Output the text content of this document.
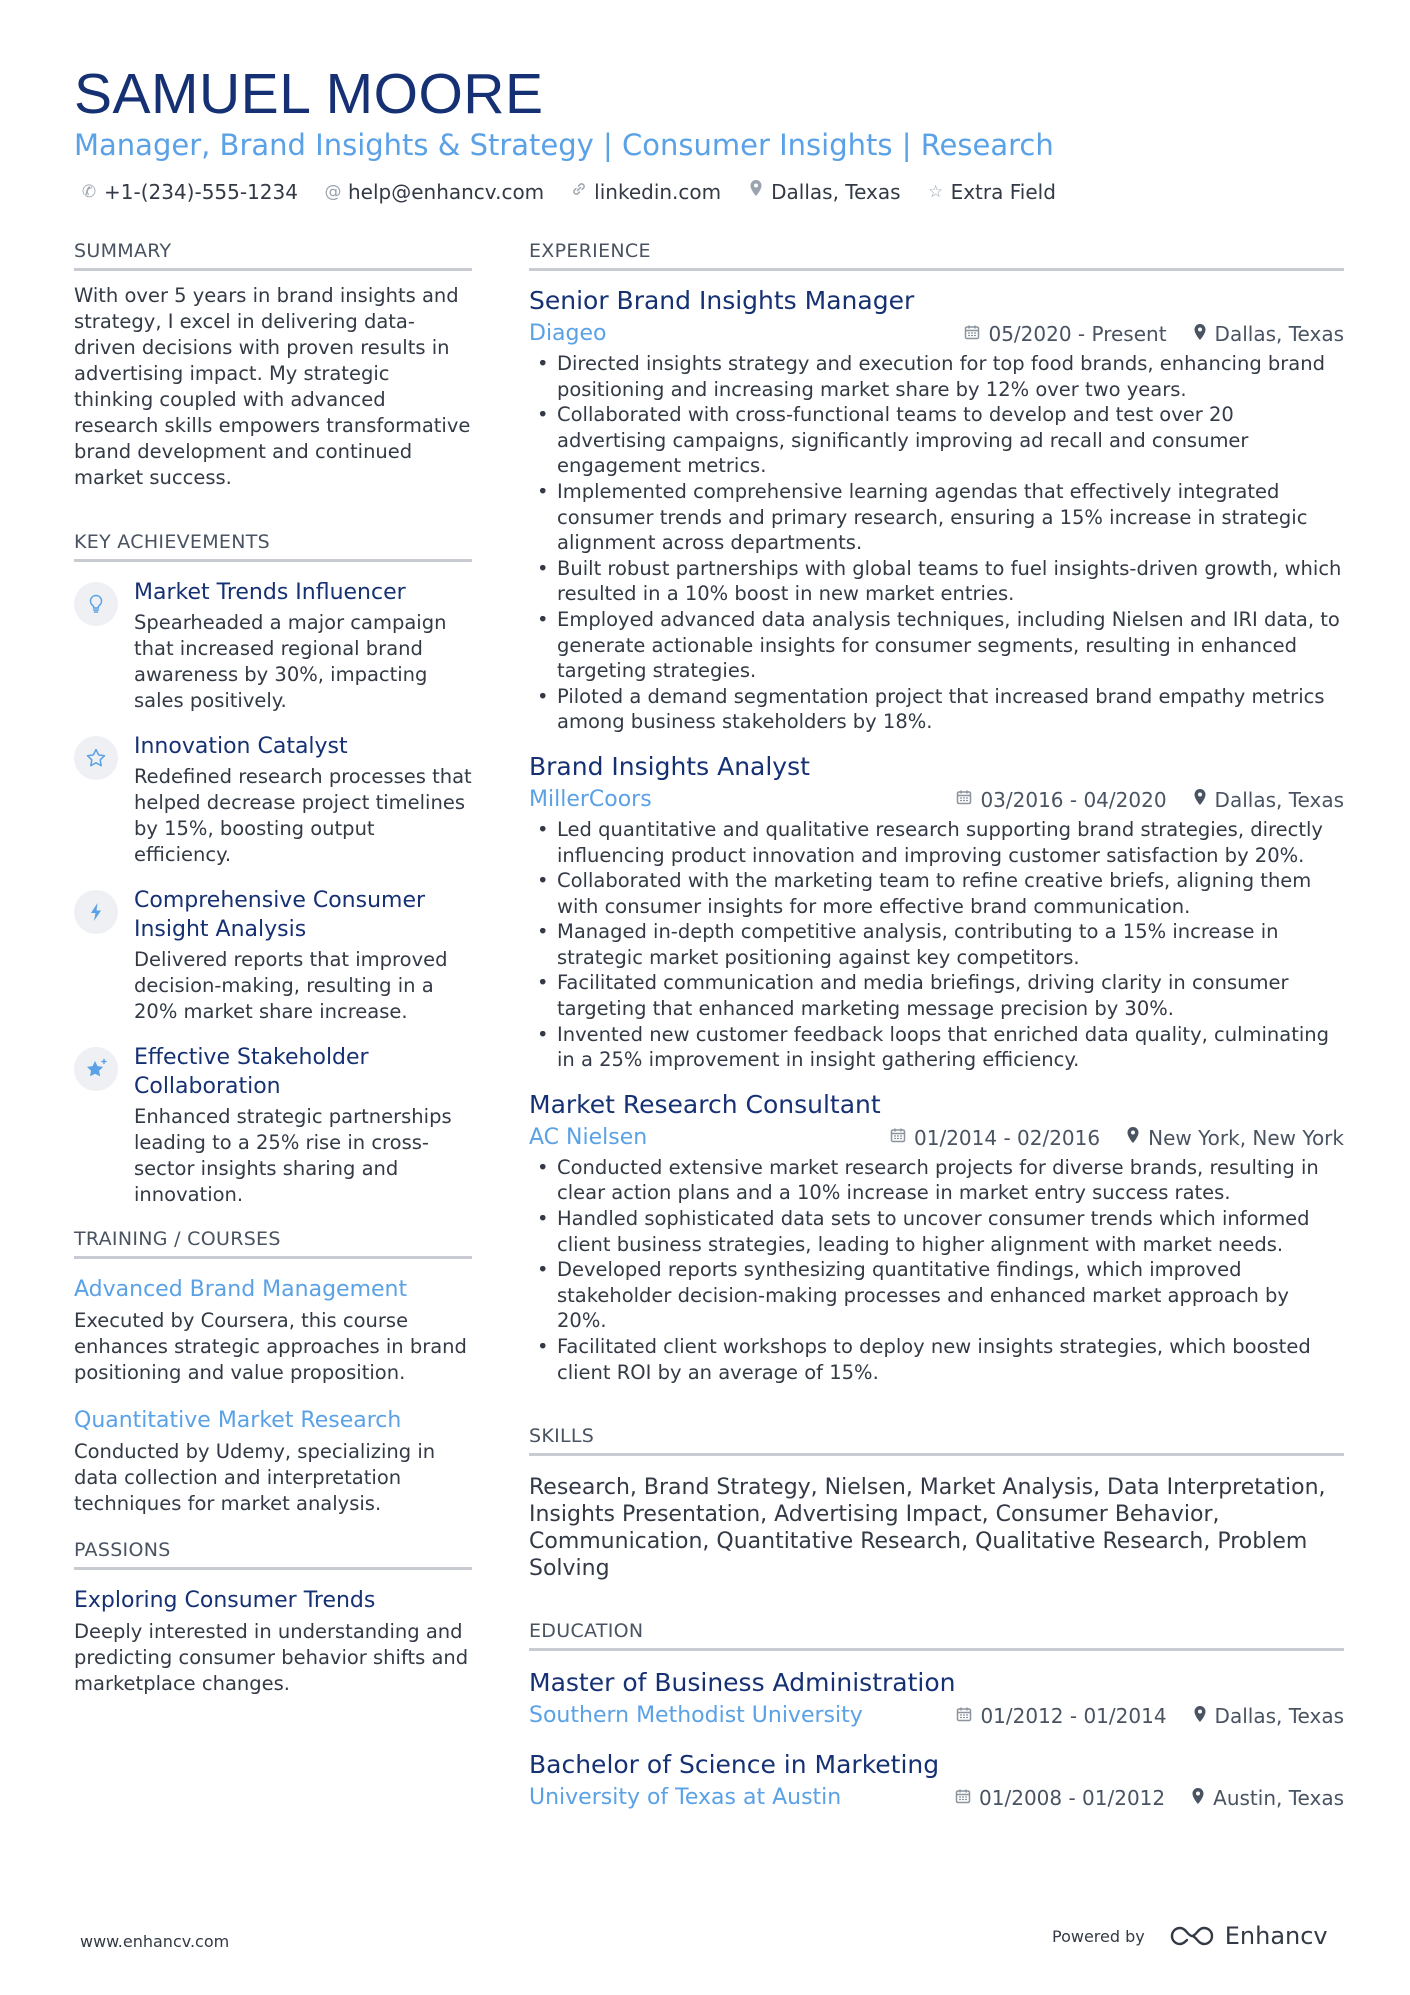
SAMUEL MOORE
Manager, Brand Insights & Strategy | Consumer Insights | Research
✆ +1-(234)-555-1234 @ help@enhancv.com	linkedin.com	Dallas, Texas ☆ Extra Field
SUMMARY
With over 5 years in brand insights and strategy, I excel in delivering data-driven decisions with proven results in advertising impact. My strategic thinking coupled with advanced research skills empowers transformative brand development and continued market success.
KEY ACHIEVEMENTS
Market Trends Influencer
Spearheaded a major campaign that increased regional brand awareness by 30%, impacting sales positively.
Innovation Catalyst
Redefined research processes that helped decrease project timelines by 15%, boosting output efficiency.
Comprehensive Consumer Insight Analysis
Delivered reports that improved decision-making, resulting in a 20% market share increase.
Effective Stakeholder Collaboration
Enhanced strategic partnerships leading to a 25% rise in cross-sector insights sharing and innovation.
TRAINING / COURSES
Advanced Brand Management
Executed by Coursera, this course enhances strategic approaches in brand positioning and value proposition.
Quantitative Market Research
Conducted by Udemy, specializing in data collection and interpretation techniques for market analysis.
PASSIONS
Exploring Consumer Trends
Deeply interested in understanding and predicting consumer behavior shifts and marketplace changes.
EXPERIENCE
Senior Brand Insights Manager
Diageo	05/2020 - Present Dallas, Texas
• Directed insights strategy and execution for top food brands, enhancing brand positioning and increasing market share by 12% over two years.
• Collaborated with cross-functional teams to develop and test over 20 advertising campaigns, significantly improving ad recall and consumer engagement metrics.
• Implemented comprehensive learning agendas that effectively integrated consumer trends and primary research, ensuring a 15% increase in strategic alignment across departments.
• Built robust partnerships with global teams to fuel insights-driven growth, which resulted in a 10% boost in new market entries.
• Employed advanced data analysis techniques, including Nielsen and IRI data, to generate actionable insights for consumer segments, resulting in enhanced targeting strategies.
• Piloted a demand segmentation project that increased brand empathy metrics among business stakeholders by 18%.
Brand Insights Analyst
MillerCoors	03/2016 - 04/2020 Dallas, Texas
• Led quantitative and qualitative research supporting brand strategies, directly influencing product innovation and improving customer satisfaction by 20%.
• Collaborated with the marketing team to refine creative briefs, aligning them with consumer insights for more effective brand communication.
• Managed in-depth competitive analysis, contributing to a 15% increase in strategic market positioning against key competitors.
• Facilitated communication and media briefings, driving clarity in consumer targeting that enhanced marketing message precision by 30%.
• Invented new customer feedback loops that enriched data quality, culminating in a 25% improvement in insight gathering efficiency.
Market Research Consultant
AC Nielsen	01/2014 - 02/2016 New York, New York
• Conducted extensive market research projects for diverse brands, resulting in clear action plans and a 10% increase in market entry success rates.
• Handled sophisticated data sets to uncover consumer trends which informed client business strategies, leading to higher alignment with market needs.
• Developed reports synthesizing quantitative findings, which improved stakeholder decision-making processes and enhanced market approach by 20%.
• Facilitated client workshops to deploy new insights strategies, which boosted client ROI by an average of 15%.
SKILLS
Research, Brand Strategy, Nielsen, Market Analysis, Data Interpretation, Insights Presentation, Advertising Impact, Consumer Behavior, Communication, Quantitative Research, Qualitative Research, Problem Solving
EDUCATION
Master of Business Administration
Southern Methodist University	01/2012 - 01/2014 Dallas, Texas
Bachelor of Science in Marketing
University of Texas at Austin	01/2008 - 01/2012 Austin, Texas
www.enhancv.com	Powered by	Enhancv
